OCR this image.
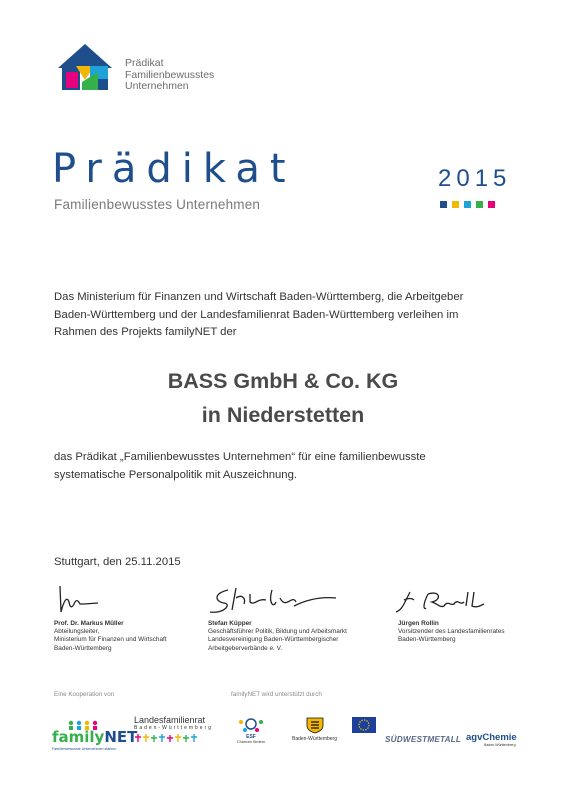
Prädikat
Familienbewusstes
Unternehmen
Prädikat
Familienbewusstes Unternehmen
2015
Das Ministerium für Finanzen und Wirtschaft Baden-Württemberg, die Arbeitgeber
Baden-Württemberg und der Landesfamilienrat Baden-Württemberg verleihen im
Rahmen des Projekts familyNET der
BASS GmbH & Co. KG
in Niederstetten
das Prädikat „Familienbewusstes Unternehmen“ für eine familienbewusste
systematische Personalpolitik mit Auszeichnung.
Stuttgart, den 25.11.2015
Prof. Dr. Markus Müller
Abteilungsleiter,
Ministerium für Finanzen und Wirtschaft
Baden-Württemberg
Stefan Küpper
Geschäftsführer Politik, Bildung und Arbeitsmarkt
Landesvereinigung Baden-Württembergischer
Arbeitgeberverbände e. V.
Jürgen Rollin
Vorsitzender des Landesfamilienrates
Baden-Württemberg
Eine Kooperation von	familyNET wird unterstützt durch
familyNET
Familienbewusste Unternehmen stärken
Landesfamilienrat
Baden-Württemberg
ESF
Chancen fördern	Baden-Württemberg	SÜDWESTMETALL agvChemie
Baden-Württemberg
